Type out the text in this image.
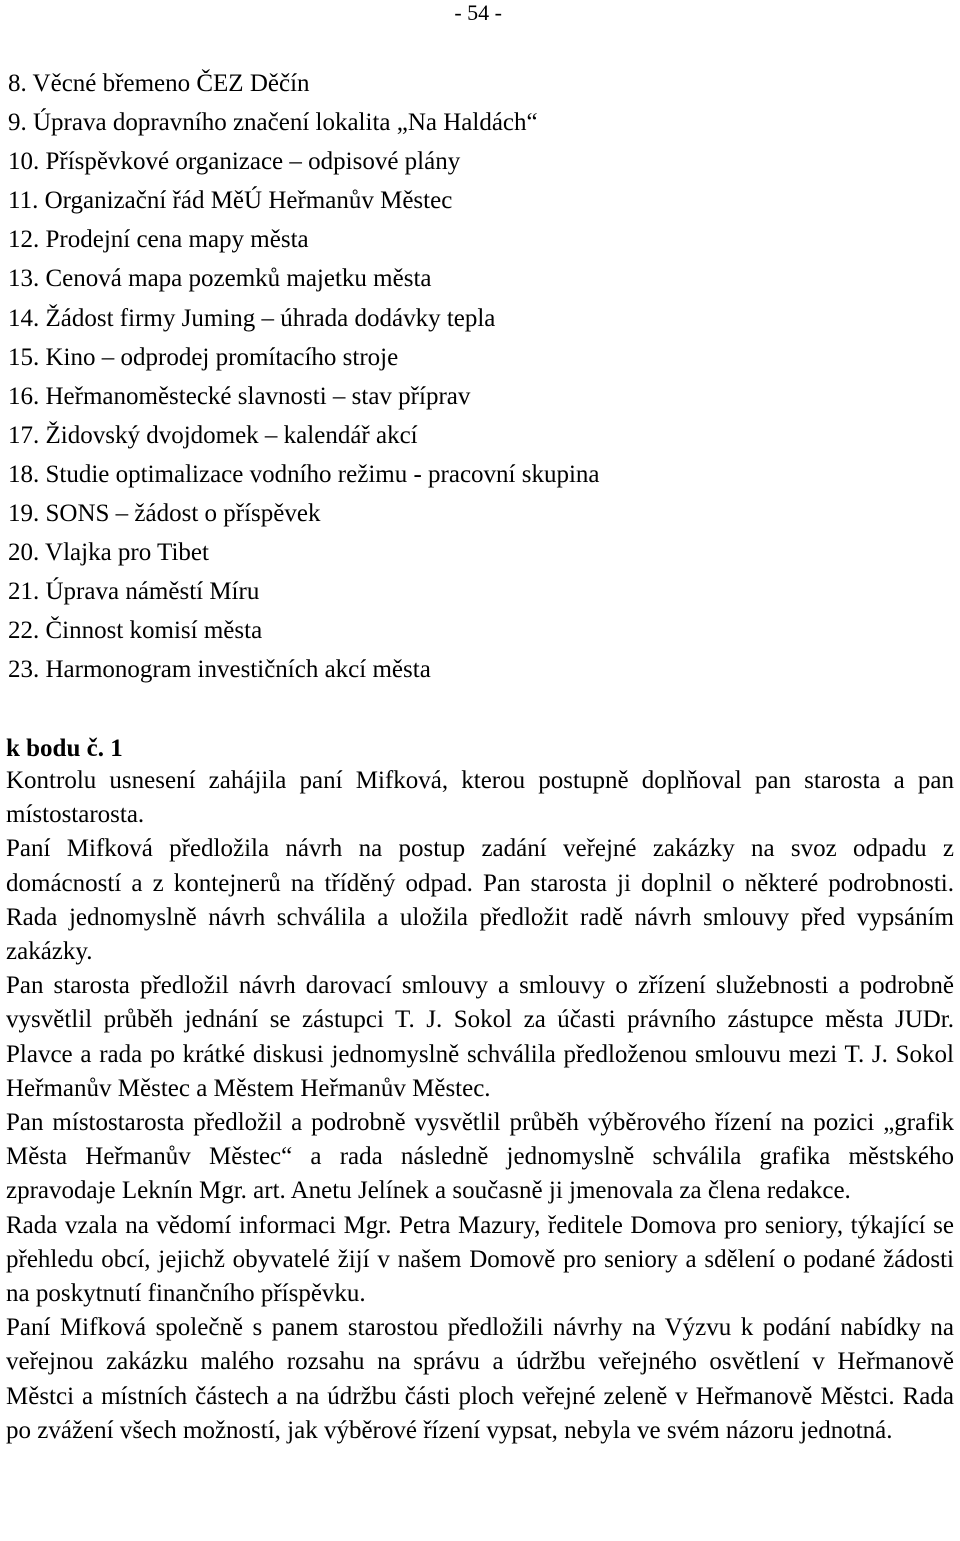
- 54 -
8. Věcné břemeno ČEZ Děčín
9. Úprava dopravního značení lokalita „Na Haldách“
10. Příspěvkové organizace – odpisové plány
11. Organizační řád MěÚ Heřmanův Městec
12. Prodejní cena mapy města
13. Cenová mapa pozemků majetku města
14. Žádost firmy Juming – úhrada dodávky tepla
15. Kino – odprodej promítacího stroje
16. Heřmanoměstecké slavnosti – stav příprav
17. Židovský dvojdomek – kalendář akcí
18. Studie optimalizace vodního režimu - pracovní skupina
19. SONS – žádost o příspěvek
20. Vlajka pro Tibet
21. Úprava náměstí Míru
22. Činnost komisí města
23. Harmonogram investičních akcí města
k bodu č. 1

Kontrolu usnesení zahájila paní Mifková, kterou postupně doplňoval pan starosta a pan místostarosta.

Paní Mifková předložila návrh na postup zadání veřejné zakázky na svoz odpadu z domácností a z kontejnerů na tříděný odpad. Pan starosta ji doplnil o některé podrobnosti. Rada jednomyslně návrh schválila a uložila předložit radě návrh smlouvy před vypsáním zakázky.

Pan starosta předložil návrh darovací smlouvy a smlouvy o zřízení služebnosti a podrobně vysvětlil průběh jednání se zástupci T. J. Sokol za účasti právního zástupce města JUDr. Plavce a rada po krátké diskusi jednomyslně schválila předloženou smlouvu mezi T. J. Sokol Heřmanův Městec a Městem Heřmanův Městec.

Pan místostarosta předložil a podrobně vysvětlil průběh výběrového řízení na pozici „grafik Města Heřmanův Městec“ a rada následně jednomyslně schválila grafika městského zpravodaje Leknín Mgr. art. Anetu Jelínek a současně ji jmenovala za člena redakce.

Rada vzala na vědomí informaci Mgr. Petra Mazury, ředitele Domova pro seniory, týkající se přehledu obcí, jejichž obyvatelé žijí v našem Domově pro seniory a sdělení o podané žádosti na poskytnutí finančního příspěvku.

Paní Mifková společně s panem starostou předložili návrhy na Výzvu k podání nabídky na veřejnou zakázku malého rozsahu na správu a údržbu veřejného osvětlení v Heřmanově Městci a místních částech a na údržbu části ploch veřejné zeleně v Heřmanově Městci. Rada po zvážení všech možností, jak výběrové řízení vypsat, nebyla ve svém názoru jednotná.
